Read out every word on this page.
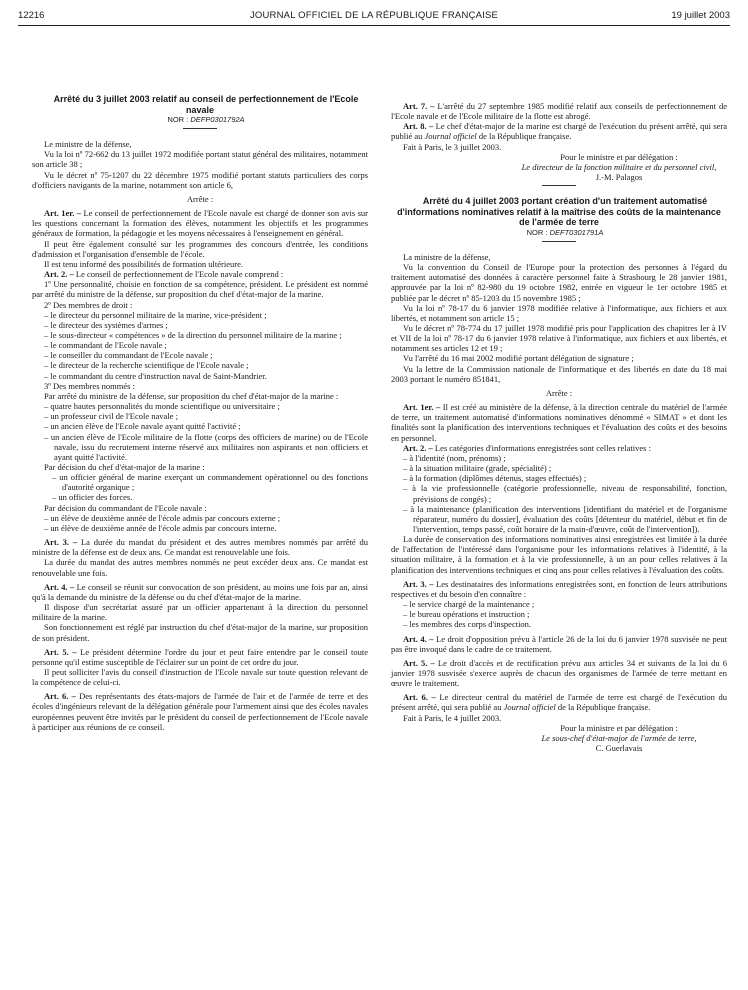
12216	JOURNAL OFFICIEL DE LA RÉPUBLIQUE FRANÇAISE	19 juillet 2003

Arrêté du 3 juillet 2003 relatif au conseil de perfectionnement de l'Ecole navale

NOR : DEFP0301792A

Le ministre de la défense,

Vu la loi nº 72-662 du 13 juillet 1972 modifiée portant statut général des militaires, notamment son article 38 ;

Vu le décret nº 75-1207 du 22 décembre 1975 modifié portant statuts particuliers des corps d'officiers navigants de la marine, notamment son article 6,

Arrête :

Art. 1er. – Le conseil de perfectionnement de l'Ecole navale est chargé de donner son avis sur les questions concernant la formation des élèves, notamment les objectifs et les programmes généraux de formation, la pédagogie et les moyens nécessaires à l'enseignement en général.

Il peut être également consulté sur les programmes des concours d'entrée, les conditions d'admission et l'organisation d'ensemble de l'école.

Il est tenu informé des possibilités de formation ultérieure.

Art. 2. – Le conseil de perfectionnement de l'Ecole navale comprend :

1º Une personnalité, choisie en fonction de sa compétence, président. Le président est nommé par arrêté du ministre de la défense, sur proposition du chef d'état-major de la marine.

2º Des membres de droit :

– le directeur du personnel militaire de la marine, vice-président ;

– le directeur des systèmes d'armes ;

– le sous-directeur « compétences » de la direction du personnel militaire de la marine ;

– le commandant de l'Ecole navale ;

– le conseiller du commandant de l'Ecole navale ;

– le directeur de la recherche scientifique de l'Ecole navale ;

– le commandant du centre d'instruction naval de Saint-Mandrier.

3º Des membres nommés :

Par arrêté du ministre de la défense, sur proposition du chef d'état-major de la marine :

– quatre hautes personnalités du monde scientifique ou universitaire ;

– un professeur civil de l'Ecole navale ;

– un ancien élève de l'Ecole navale ayant quitté l'activité ;

– un ancien élève de l'Ecole militaire de la flotte (corps des officiers de marine) ou de l'Ecole navale, issu du recrutement interne réservé aux militaires non aspirants et non officiers et ayant quitté l'activité.

Par décision du chef d'état-major de la marine :

– un officier général de marine exerçant un commandement opérationnel ou des fonctions d'autorité organique ;

– un officier des forces.

Par décision du commandant de l'Ecole navale :

– un élève de deuxième année de l'école admis par concours externe ;

– un élève de deuxième année de l'école admis par concours interne.

Art. 3. – La durée du mandat du président et des autres membres nommés par arrêté du ministre de la défense est de deux ans. Ce mandat est renouvelable une fois.

La durée du mandat des autres membres nommés ne peut excéder deux ans. Ce mandat est renouvelable une fois.

Art. 4. – Le conseil se réunit sur convocation de son président, au moins une fois par an, ainsi qu'à la demande du ministre de la défense ou du chef d'état-major de la marine.

Il dispose d'un secrétariat assuré par un officier appartenant à la direction du personnel militaire de la marine.

Son fonctionnement est réglé par instruction du chef d'état-major de la marine, sur proposition de son président.

Art. 5. – Le président détermine l'ordre du jour et peut faire entendre par le conseil toute personne qu'il estime susceptible de l'éclairer sur un point de cet ordre du jour.

Il peut solliciter l'avis du conseil d'instruction de l'Ecole navale sur toute question relevant de la compétence de celui-ci.

Art. 6. – Des représentants des états-majors de l'armée de l'air et de l'armée de terre et des écoles d'ingénieurs relevant de la délégation générale pour l'armement ainsi que des écoles navales européennes peuvent être invités par le président du conseil de perfectionnement de l'Ecole navale à participer aux réunions de ce conseil.

Art. 7. – L'arrêté du 27 septembre 1985 modifié relatif aux conseils de perfectionnement de l'Ecole navale et de l'Ecole militaire de la flotte est abrogé.

Art. 8. – Le chef d'état-major de la marine est chargé de l'exécution du présent arrêté, qui sera publié au Journal officiel de la République française.

Fait à Paris, le 3 juillet 2003.

Pour le ministre et par délégation :

Le directeur de la fonction militaire et du personnel civil,

J.-M. Palagos

Arrêté du 4 juillet 2003 portant création d'un traitement automatisé d'informations nominatives relatif à la maîtrise des coûts de la maintenance de l'armée de terre

NOR : DEFT0301791A

La ministre de la défense,

Vu la convention du Conseil de l'Europe pour la protection des personnes à l'égard du traitement automatisé des données à caractère personnel faite à Strasbourg le 28 janvier 1981, approuvée par la loi nº 82-980 du 19 octobre 1982, entrée en vigueur le 1er octobre 1985 et publiée par le décret nº 85-1203 du 15 novembre 1985 ;

Vu la loi nº 78-17 du 6 janvier 1978 modifiée relative à l'informatique, aux fichiers et aux libertés, et notamment son article 15 ;

Vu le décret nº 78-774 du 17 juillet 1978 modifié pris pour l'application des chapitres Ier à IV et VII de la loi nº 78-17 du 6 janvier 1978 relative à l'informatique, aux fichiers et aux libertés, et notamment ses articles 12 et 19 ;

Vu l'arrêté du 16 mai 2002 modifié portant délégation de signature ;

Vu la lettre de la Commission nationale de l'informatique et des libertés en date du 18 mai 2003 portant le numéro 851841,

Arrête :

Art. 1er. – Il est créé au ministère de la défense, à la direction centrale du matériel de l'armée de terre, un traitement automatisé d'informations nominatives dénommé « SIMAT » et dont les finalités sont la planification des interventions techniques et l'évaluation des coûts et des besoins en personnel.

Art. 2. – Les catégories d'informations enregistrées sont celles relatives :

– à l'identité (nom, prénoms) ;

– à la situation militaire (grade, spécialité) ;

– à la formation (diplômes détenus, stages effectués) ;

– à la vie professionnelle (catégorie professionnelle, niveau de responsabilité, fonction, prévisions de congés) ;

– à la maintenance (planification des interventions [identifiant du matériel et de l'organisme réparateur, numéro du dossier], évaluation des coûts [détenteur du matériel, début et fin de l'intervention, temps passé, coût horaire de la main-d'œuvre, coût de l'intervention]).

La durée de conservation des informations nominatives ainsi enregistrées est limitée à la durée de l'affectation de l'intéressé dans l'organisme pour les informations relatives à l'identité, à la situation militaire, à la formation et à la vie professionnelle, à un an pour celles relatives à la planification des interventions techniques et cinq ans pour celles relatives à l'évaluation des coûts.

Art. 3. – Les destinataires des informations enregistrées sont, en fonction de leurs attributions respectives et du besoin d'en connaître :

– le service chargé de la maintenance ;

– le bureau opérations et instruction ;

– les membres des corps d'inspection.

Art. 4. – Le droit d'opposition prévu à l'article 26 de la loi du 6 janvier 1978 susvisée ne peut pas être invoqué dans le cadre de ce traitement.

Art. 5. – Le droit d'accès et de rectification prévu aux articles 34 et suivants de la loi du 6 janvier 1978 susvisée s'exerce auprès de chacun des organismes de l'armée de terre mettant en œuvre le traitement.

Art. 6. – Le directeur central du matériel de l'armée de terre est chargé de l'exécution du présent arrêté, qui sera publié au Journal officiel de la République française.

Fait à Paris, le 4 juillet 2003.

Pour la ministre et par délégation :

Le sous-chef d'état-major de l'armée de terre,

C. Guerlavais
